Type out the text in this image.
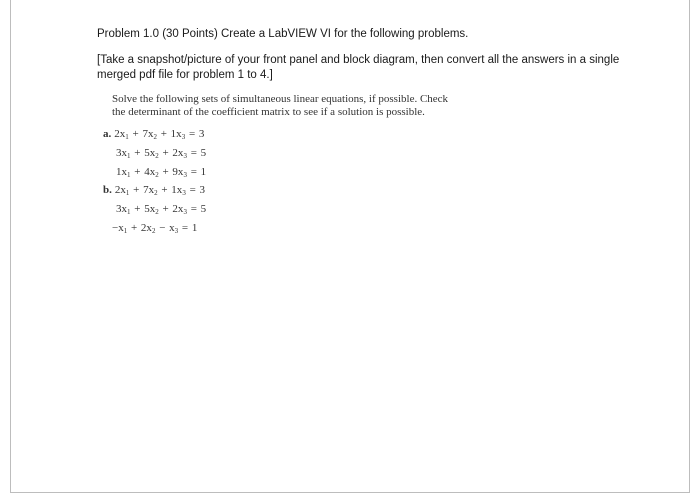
Problem 1.0 (30 Points) Create a LabVIEW VI for the following problems.
[Take a snapshot/picture of your front panel and block diagram, then convert all the answers in a single merged pdf file for problem 1 to 4.]
Solve the following sets of simultaneous linear equations, if possible. Check
the determinant of the coefficient matrix to see if a solution is possible.
a. $2x_1 + 7x_2 + 1x_3 = 3$
$3x_1 + 5x_2 + 2x_3 = 5$
$1x_1 + 4x_2 + 9x_3 = 1$
b. $2x_1 + 7x_2 + 1x_3 = 3$
$3x_1 + 5x_2 + 2x_3 = 5$
$-x_1 + 2x_2 - x_3 = 1$
